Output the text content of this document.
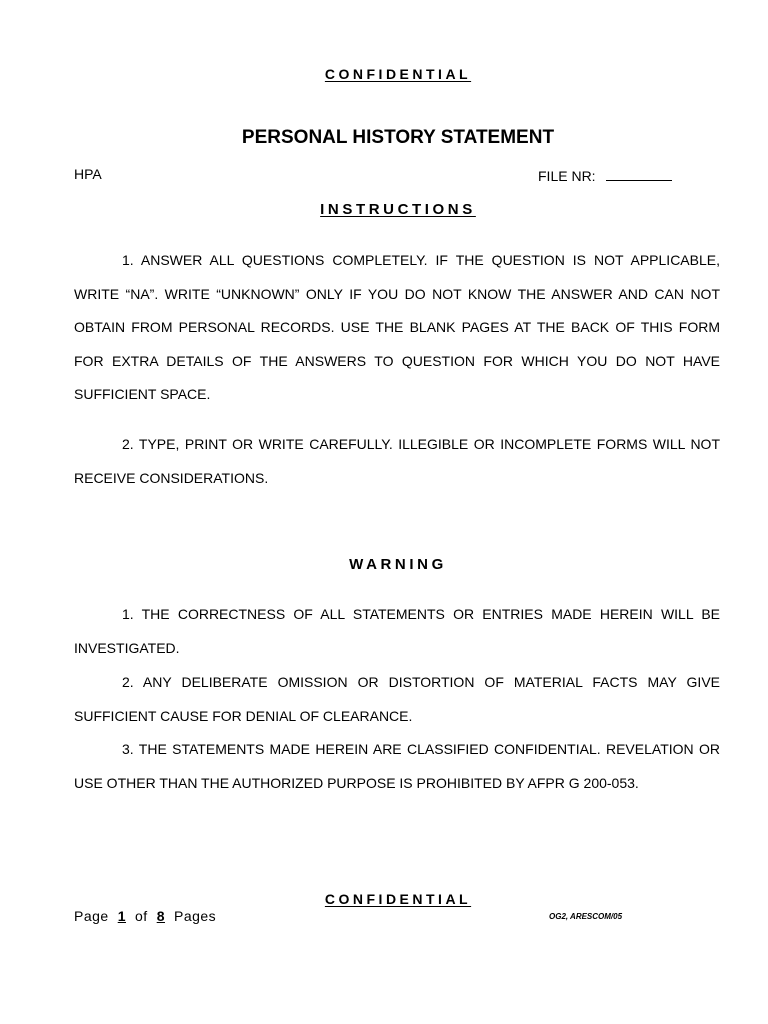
CONFIDENTIAL
PERSONAL HISTORY STATEMENT
HPA	FILE NR:
INSTRUCTIONS

1. ANSWER ALL QUESTIONS COMPLETELY. IF THE QUESTION IS NOT APPLICABLE, WRITE “NA”. WRITE “UNKNOWN” ONLY IF YOU DO NOT KNOW THE ANSWER AND CAN NOT OBTAIN FROM PERSONAL RECORDS. USE THE BLANK PAGES AT THE BACK OF THIS FORM FOR EXTRA DETAILS OF THE ANSWERS TO QUESTION FOR WHICH YOU DO NOT HAVE SUFFICIENT SPACE.

2. TYPE, PRINT OR WRITE CAREFULLY. ILLEGIBLE OR INCOMPLETE FORMS WILL NOT RECEIVE CONSIDERATIONS.

WARNING

1. THE CORRECTNESS OF ALL STATEMENTS OR ENTRIES MADE HEREIN WILL BE INVESTIGATED.

2. ANY DELIBERATE OMISSION OR DISTORTION OF MATERIAL FACTS MAY GIVE SUFFICIENT CAUSE FOR DENIAL OF CLEARANCE.

3. THE STATEMENTS MADE HEREIN ARE CLASSIFIED CONFIDENTIAL. REVELATION OR USE OTHER THAN THE AUTHORIZED PURPOSE IS PROHIBITED BY AFPR G 200-053.

CONFIDENTIAL
Page 1 of 8 Pages	OG2, ARESCOM/05
